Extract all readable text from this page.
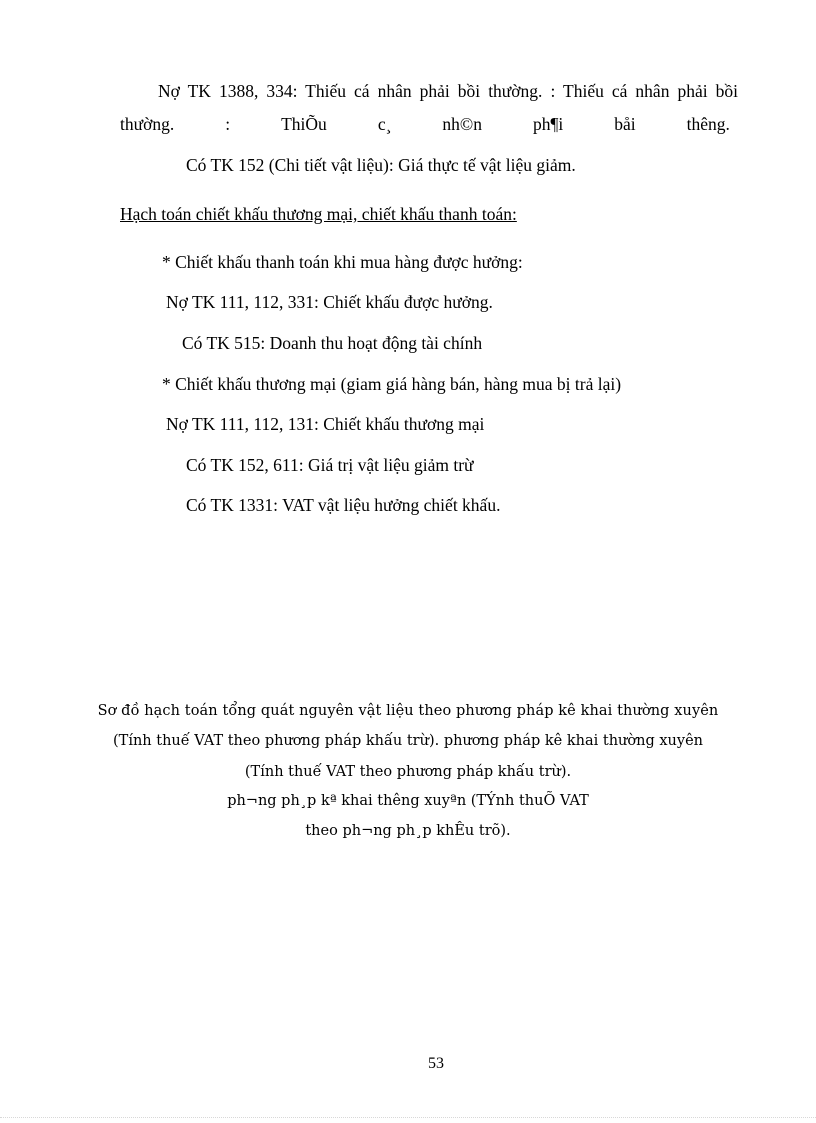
Nợ TK 1388, 334: Thiếu cá nhân phải bồi thường. : Thiếu cá nhân phải bồi
thường.	:	ThiÕu	c¸	nh©n	ph¶i	båi	thêng.
Có TK 152 (Chi tiết vật liệu): Giá thực tế vật liệu giảm.
Hạch toán chiết khấu thương mại, chiết khấu thanh toán:
* Chiết khấu thanh toán khi mua hàng được hưởng:
Nợ TK 111, 112, 331: Chiết khấu được hưởng.
Có TK 515: Doanh thu hoạt động tài chính
* Chiết khấu thương mại (giam giá hàng bán, hàng mua bị trả lại)
Nợ TK 111, 112, 131: Chiết khấu thương mại
Có TK 152, 611: Giá trị vật liệu giảm trừ
Có TK 1331: VAT vật liệu hưởng chiết khấu.
Sơ đồ hạch toán tổng quát nguyên vật liệu theo phương pháp kê khai thường xuyên
(Tính thuế VAT theo phương pháp khấu trừ). phương pháp kê khai thường xuyên
(Tính thuế VAT theo phương pháp khấu trừ).
ph¬ng ph¸p kª khai thêng xuyªn (TÝnh thuÕ VAT
theo ph¬ng ph¸p khÊu trõ).
53
